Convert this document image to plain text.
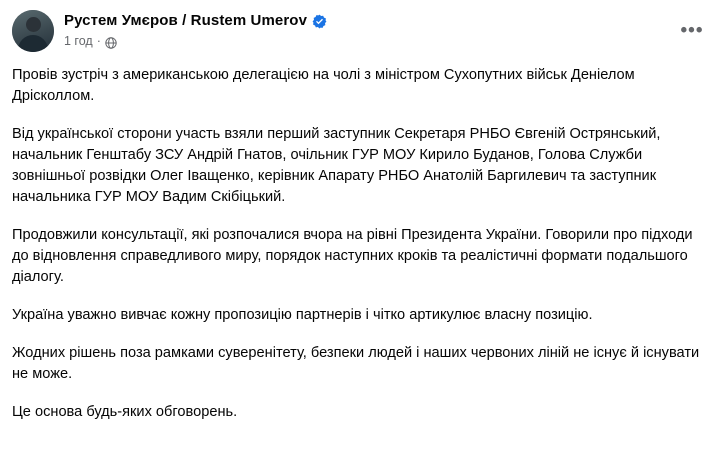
Рустем Умєров / Rustem Umerov
1 год ·	•••

Провів зустріч з американською делегацією на чолі з міністром Сухопутних військ Деніелом Дрісколлом.

Від української сторони участь взяли перший заступник Секретаря РНБО Євгеній Острянський, начальник Генштабу ЗСУ Андрій Гнатов, очільник ГУР МОУ Кирило Буданов, Голова Служби зовнішньої розвідки Олег Іващенко, керівник Апарату РНБО Анатолій Баргилевич та заступник начальника ГУР МОУ Вадим Скібіцький.

Продовжили консультації, які розпочалися вчора на рівні Президента України. Говорили про підходи до відновлення справедливого миру, порядок наступних кроків та реалістичні формати подальшого діалогу.

Україна уважно вивчає кожну пропозицію партнерів і чітко артикулює власну позицію.

Жодних рішень поза рамками суверенітету, безпеки людей і наших червоних ліній не існує й існувати не може.

Це основа будь-яких обговорень.
